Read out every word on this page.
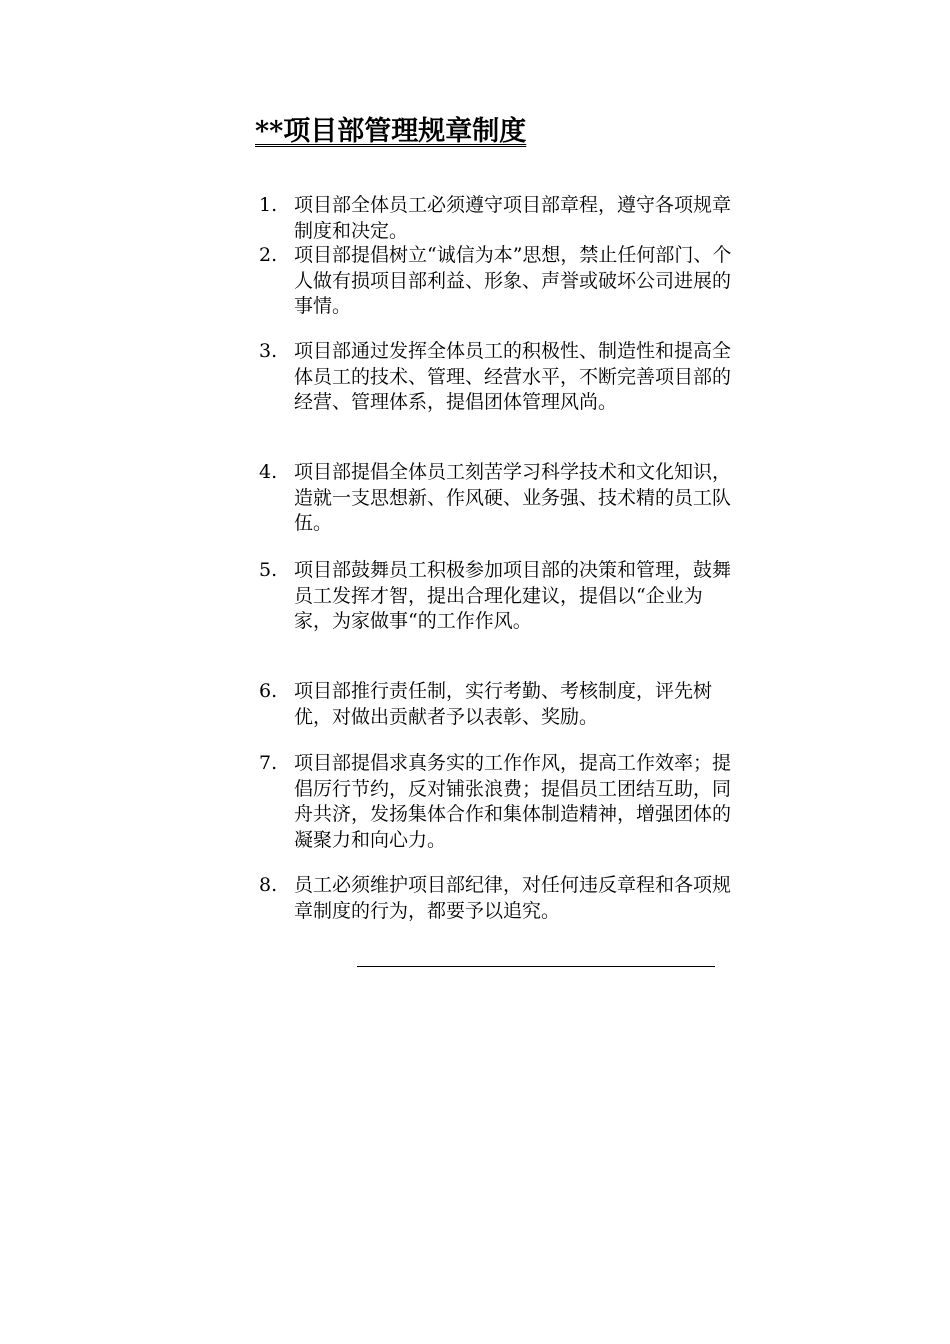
**项目部管理规章制度
1. 项目部全体员工必须遵守项目部章程，遵守各项规章制度和决定。
2. 项目部提倡树立“诚信为本”思想，禁止任何部门、个人做有损项目部利益、形象、声誉或破坏公司进展的事情。
3. 项目部通过发挥全体员工的积极性、制造性和提高全体员工的技术、管理、经营水平，不断完善项目部的经营、管理体系，提倡团体管理风尚。
4. 项目部提倡全体员工刻苦学习科学技术和文化知识，造就一支思想新、作风硬、业务强、技术精的员工队伍。
5. 项目部鼓舞员工积极参加项目部的决策和管理，鼓舞员工发挥才智，提出合理化建议，提倡以“企业为家，为家做事“的工作作风。
6. 项目部推行责任制，实行考勤、考核制度，评先树优，对做出贡献者予以表彰、奖励。
7. 项目部提倡求真务实的工作作风，提高工作效率；提倡厉行节约，反对铺张浪费；提倡员工团结互助，同舟共济，发扬集体合作和集体制造精神，增强团体的凝聚力和向心力。
8. 员工必须维护项目部纪律，对任何违反章程和各项规章制度的行为，都要予以追究。
